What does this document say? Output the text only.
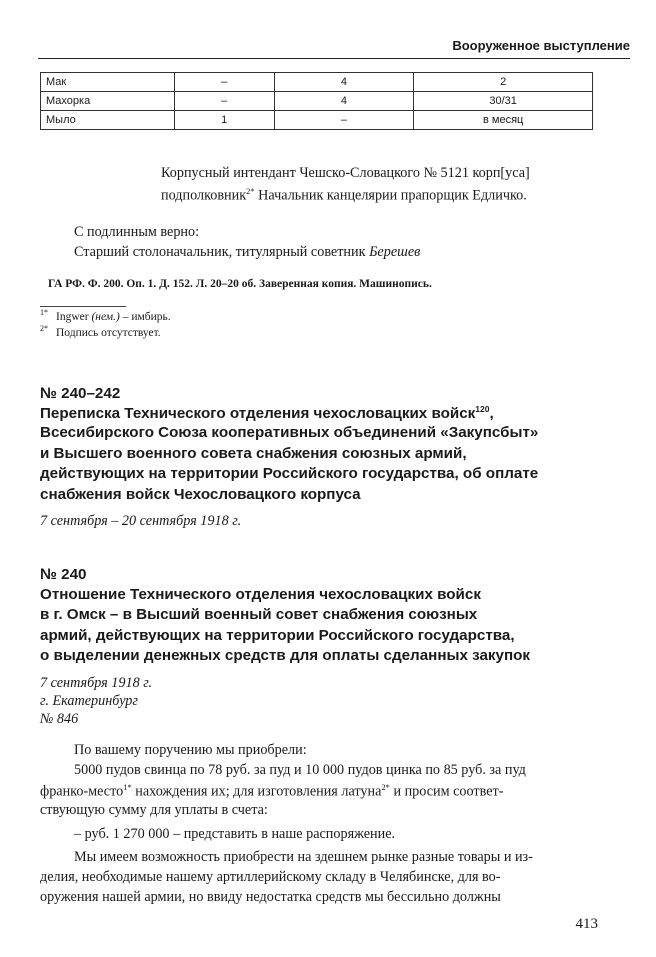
Вооруженное выступление
Мак	–	4	2
Махорка	–	4	30/31
Мыло	1	–	в месяц
Корпусный интендант Чешско-Словацкого № 5121 корп[уса]
подполковник$^{2*}$ Начальник канцелярии прапорщик Едличко.
С подлинным верно:
Старший столоначальник, титулярный советник Берешев
ГА РФ. Ф. 200. Оп. 1. Д. 152. Л. 20–20 об. Заверенная копия. Машинопись.
$^{1*}$ Ingwer (нем.) – имбирь.
$^{2*}$ Подпись отсутствует.
№ 240–242
Переписка Технического отделения чехословацких войск$^{120}$,
Всесибирского Союза кооперативных объединений «Закупсбыт»
и Высшего военного совета снабжения союзных армий,
действующих на территории Российского государства, об оплате
снабжения войск Чехословацкого корпуса
7 сентября – 20 сентября 1918 г.
№ 240
Отношение Технического отделения чехословацких войск
в г. Омск – в Высший военный совет снабжения союзных
армий, действующих на территории Российского государства,
о выделении денежных средств для оплаты сделанных закупок
7 сентября 1918 г.
г. Екатеринбург
№ 846
По вашему поручению мы приобрели:
5000 пудов свинца по 78 руб. за пуд и 10 000 пудов цинка по 85 руб. за пуд
франко-место$^{1*}$ нахождения их; для изготовления латуна$^{2*}$ и просим соответ-
ствующую сумму для уплаты в счета:
– руб. 1 270 000 – представить в наше распоряжение.
Мы имеем возможность приобрести на здешнем рынке разные товары и из-
делия, необходимые нашему артиллерийскому складу в Челябинске, для во-
оружения нашей армии, но ввиду недостатка средств мы бессильно должны
413
